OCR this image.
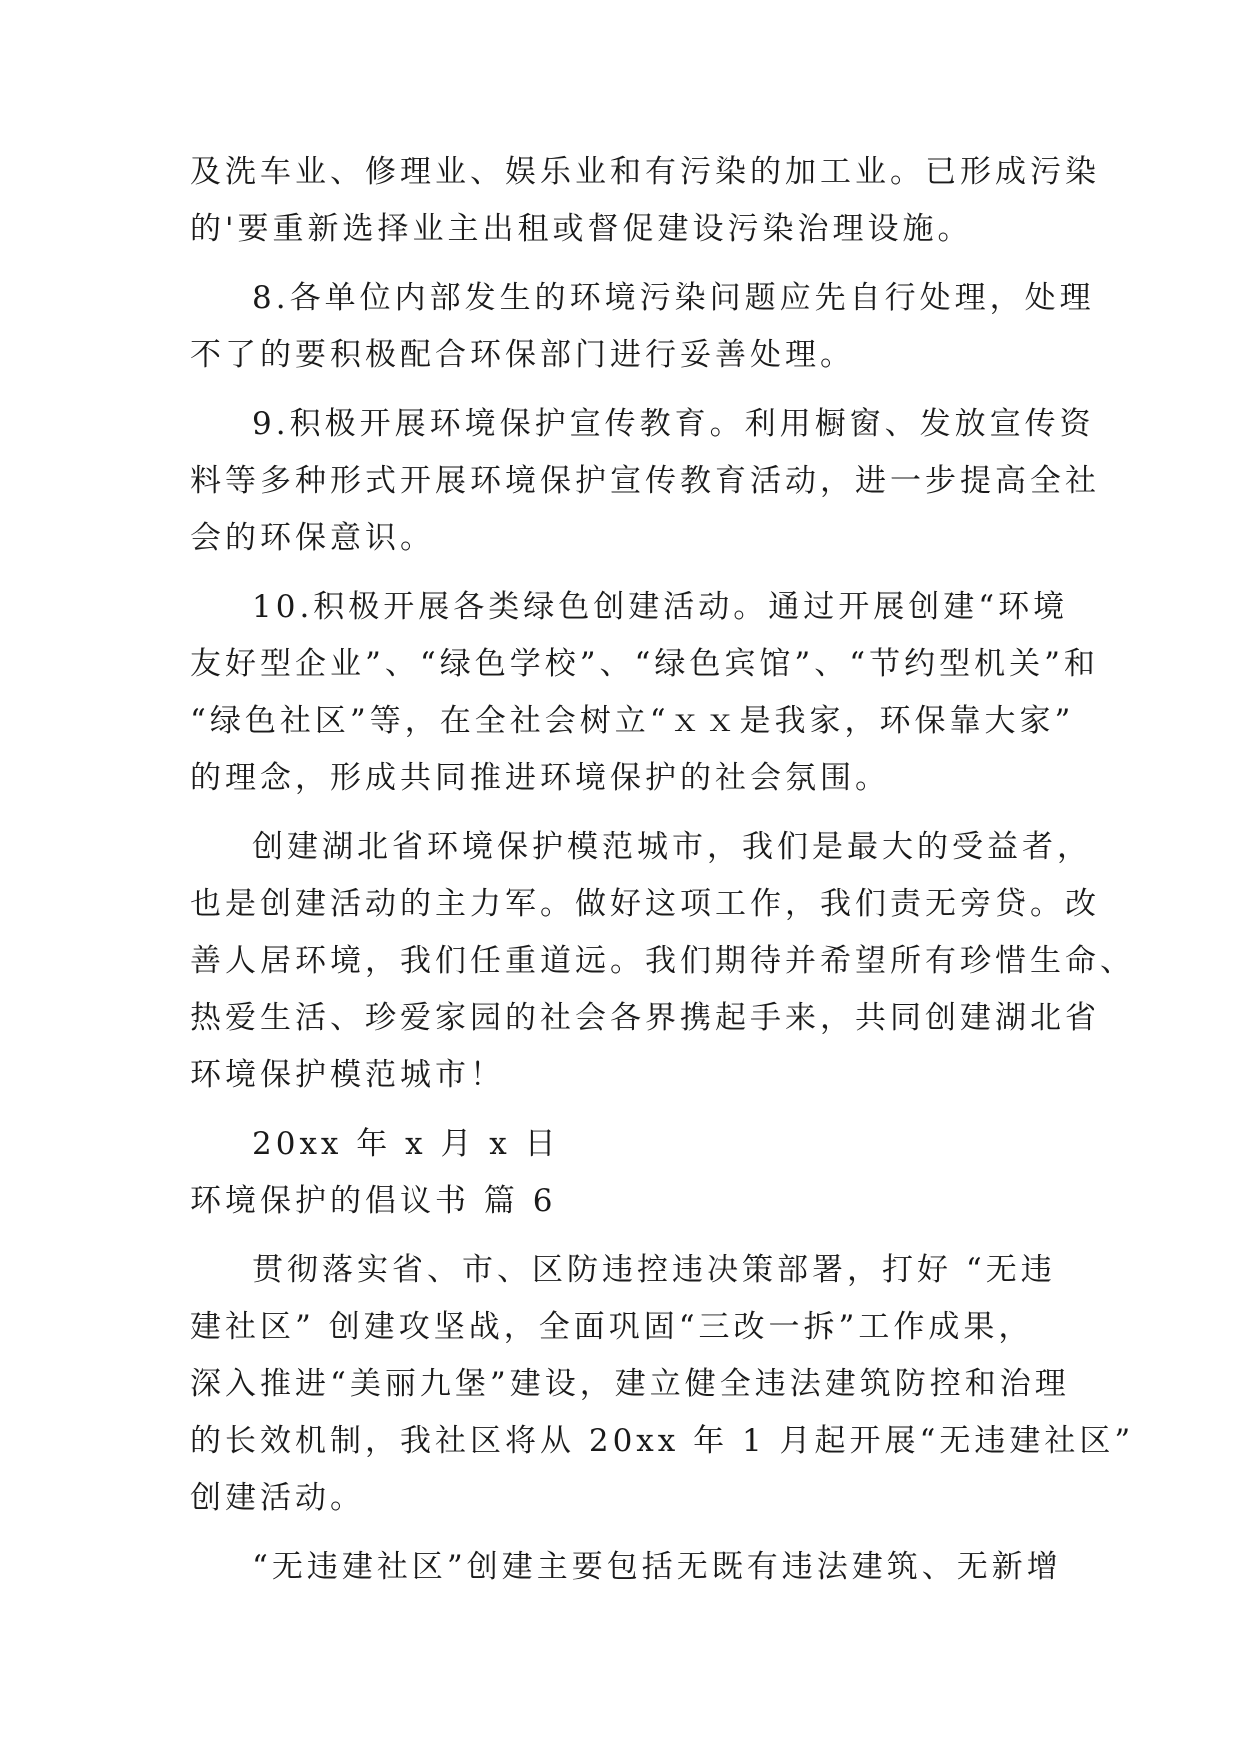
及洗车业、修理业、娱乐业和有污染的加工业。已形成污染
的'要重新选择业主出租或督促建设污染治理设施。
8.各单位内部发生的环境污染问题应先自行处理，处理
不了的要积极配合环保部门进行妥善处理。
9.积极开展环境保护宣传教育。利用橱窗、发放宣传资
料等多种形式开展环境保护宣传教育活动，进一步提高全社
会的环保意识。
10.积极开展各类绿色创建活动。通过开展创建“环境
友好型企业”、“绿色学校”、“绿色宾馆”、“节约型机关”和
“绿色社区”等，在全社会树立“ｘｘ是我家，环保靠大家”
的理念，形成共同推进环境保护的社会氛围。
创建湖北省环境保护模范城市，我们是最大的受益者，
也是创建活动的主力军。做好这项工作，我们责无旁贷。改
善人居环境，我们任重道远。我们期待并希望所有珍惜生命、
热爱生活、珍爱家园的社会各界携起手来，共同创建湖北省
环境保护模范城市！
20xx 年 x 月 x 日
环境保护的倡议书 篇 6
贯彻落实省、市、区防违控违决策部署，打好 “无违
建社区” 创建攻坚战，全面巩固“三改一拆”工作成果，
深入推进“美丽九堡”建设，建立健全违法建筑防控和治理
的长效机制，我社区将从 20xx 年 1 月起开展“无违建社区”
创建活动。
“无违建社区”创建主要包括无既有违法建筑、无新增
